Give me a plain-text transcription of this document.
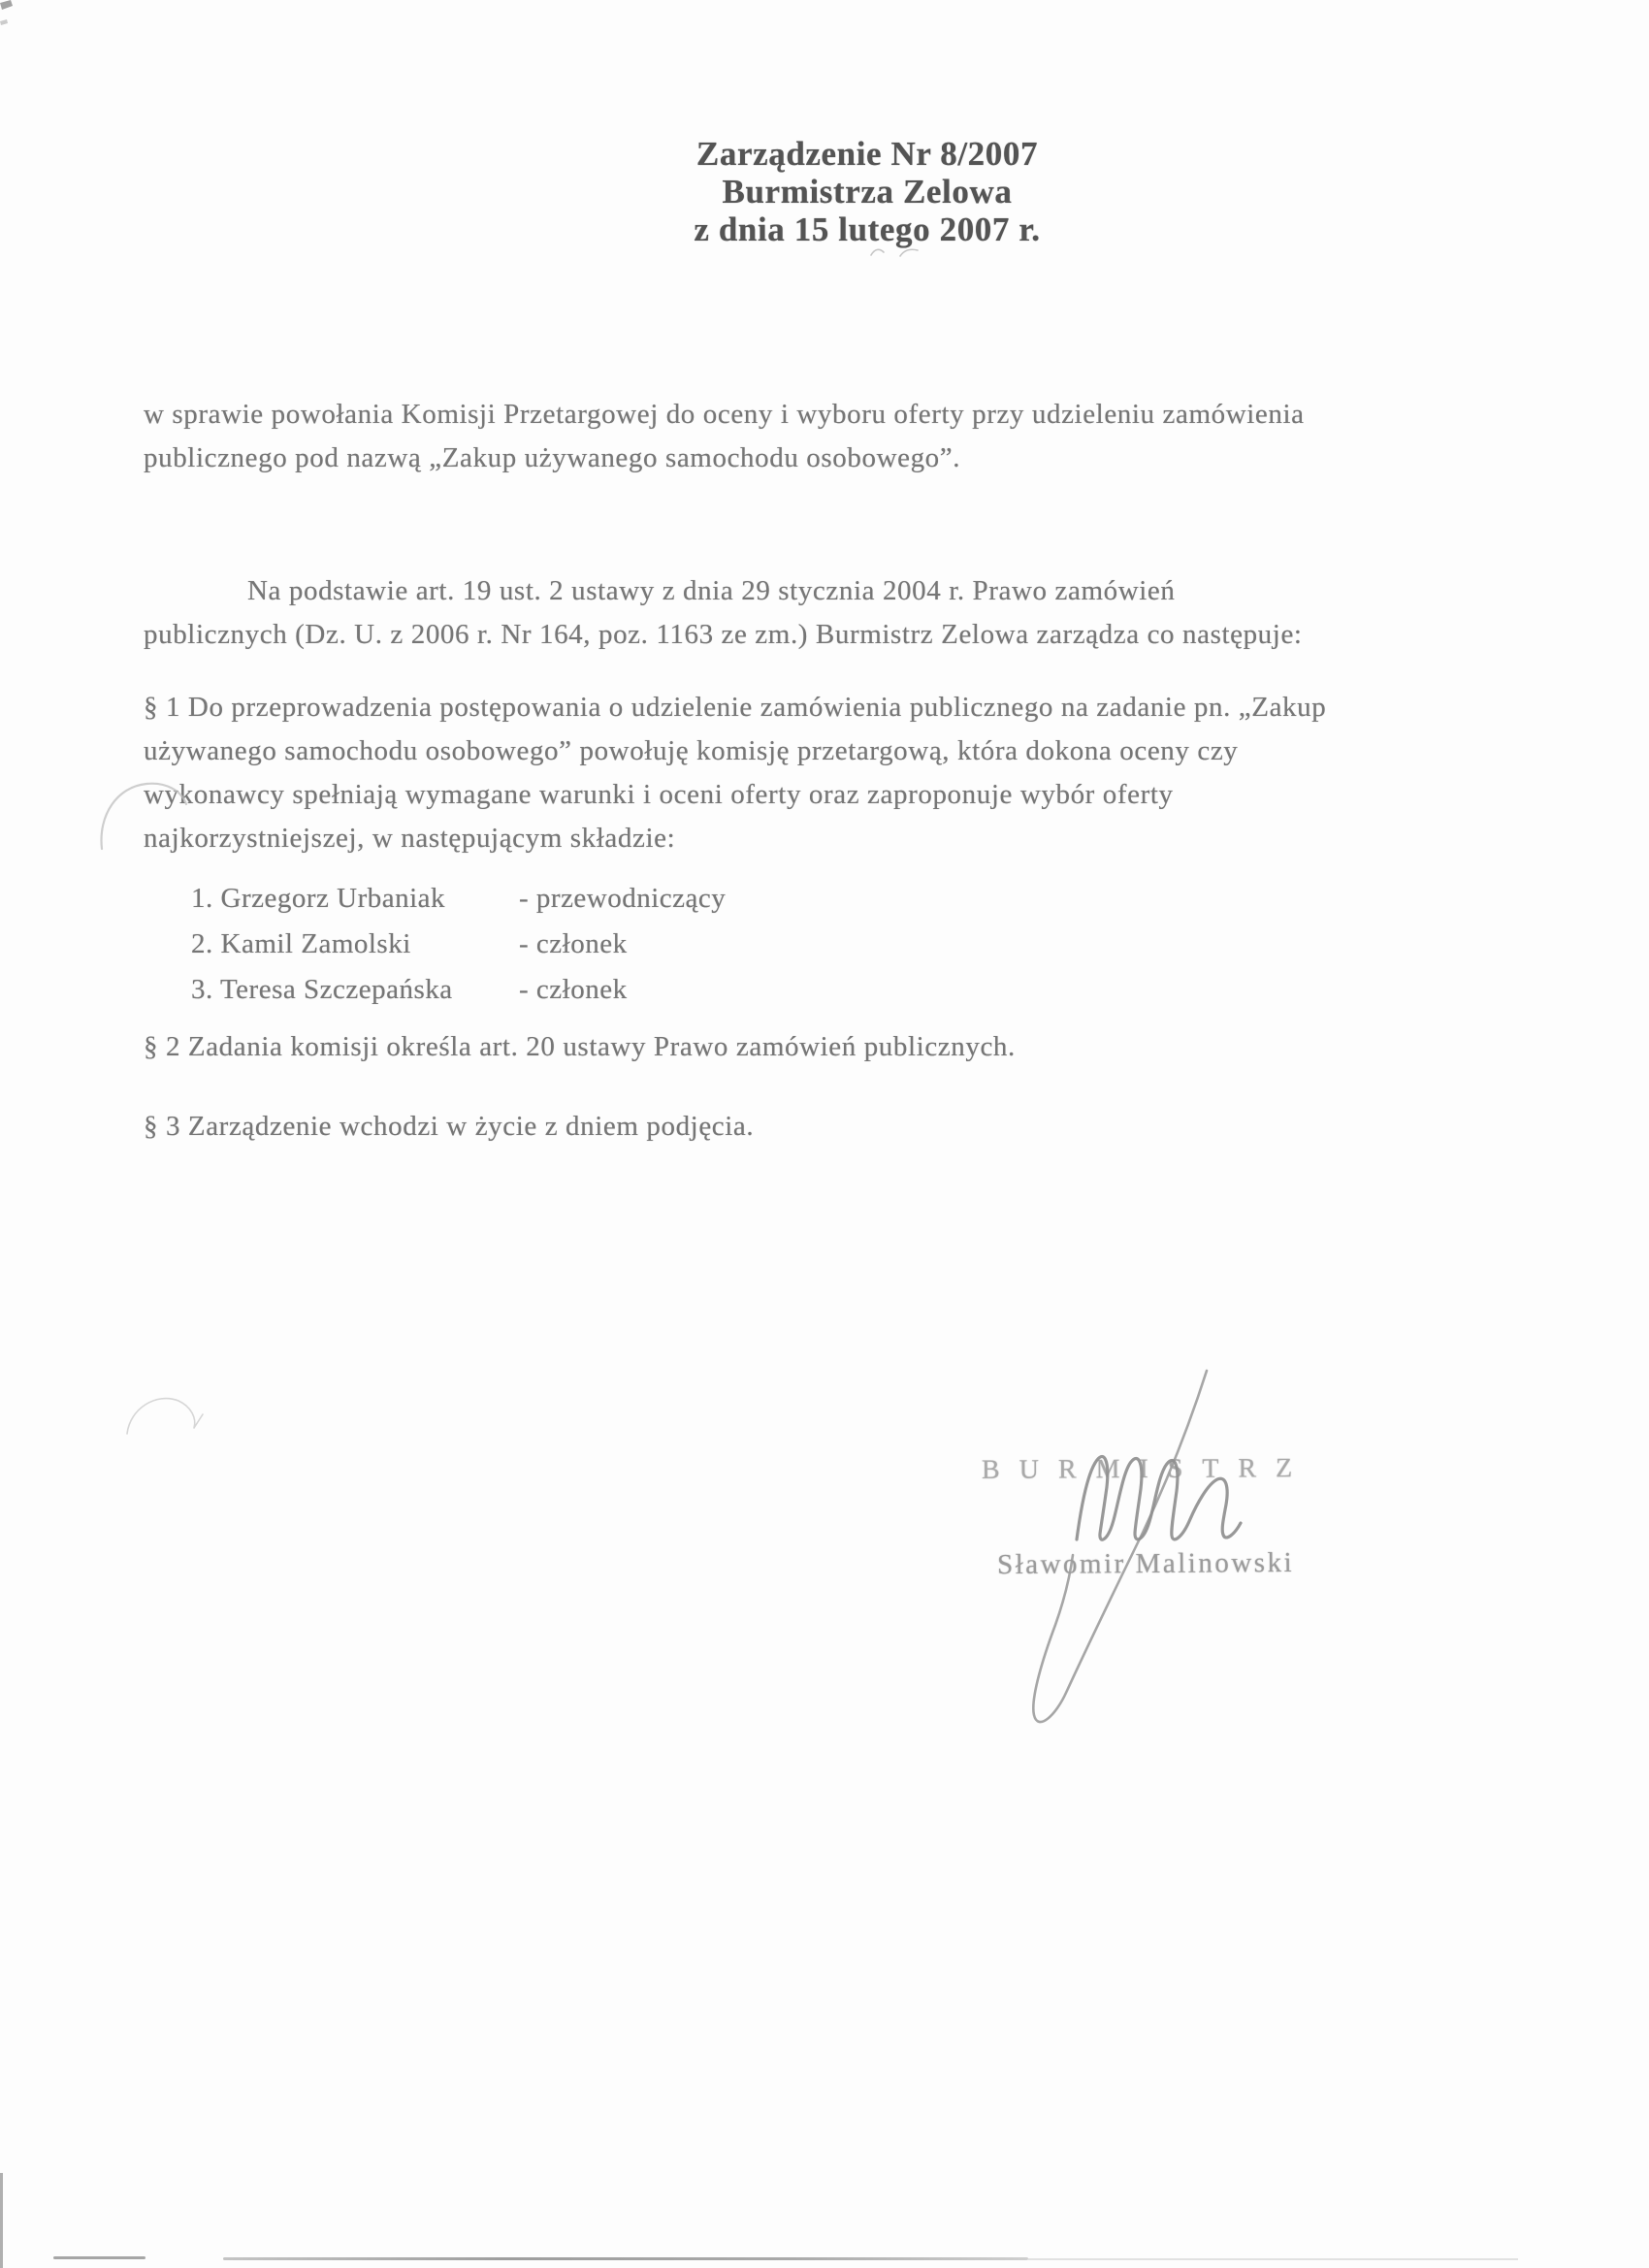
Zarządzenie Nr 8/2007
Burmistrza Zelowa
z dnia 15 lutego 2007 r.
w sprawie powołania Komisji Przetargowej do oceny i wyboru oferty przy udzieleniu zamówienia
publicznego pod nazwą „Zakup używanego samochodu osobowego”.
Na podstawie art. 19 ust. 2 ustawy z dnia 29 stycznia 2004 r. Prawo zamówień
publicznych (Dz. U. z 2006 r. Nr 164, poz. 1163 ze zm.) Burmistrz Zelowa zarządza co następuje:
§ 1 Do przeprowadzenia postępowania o udzielenie zamówienia publicznego na zadanie pn. „Zakup
używanego samochodu osobowego” powołuję komisję przetargową, która dokona oceny czy
wykonawcy spełniają wymagane warunki i oceni oferty oraz zaproponuje wybór oferty
najkorzystniejszej, w następującym składzie:
1. Grzegorz Urbaniak	- przewodniczący
2. Kamil Zamolski	- członek
3. Teresa Szczepańska	- członek
§ 2 Zadania komisji określa art. 20 ustawy Prawo zamówień publicznych.
§ 3 Zarządzenie wchodzi w życie z dniem podjęcia.
BURMISTRZ
Sławomir Malinowski
